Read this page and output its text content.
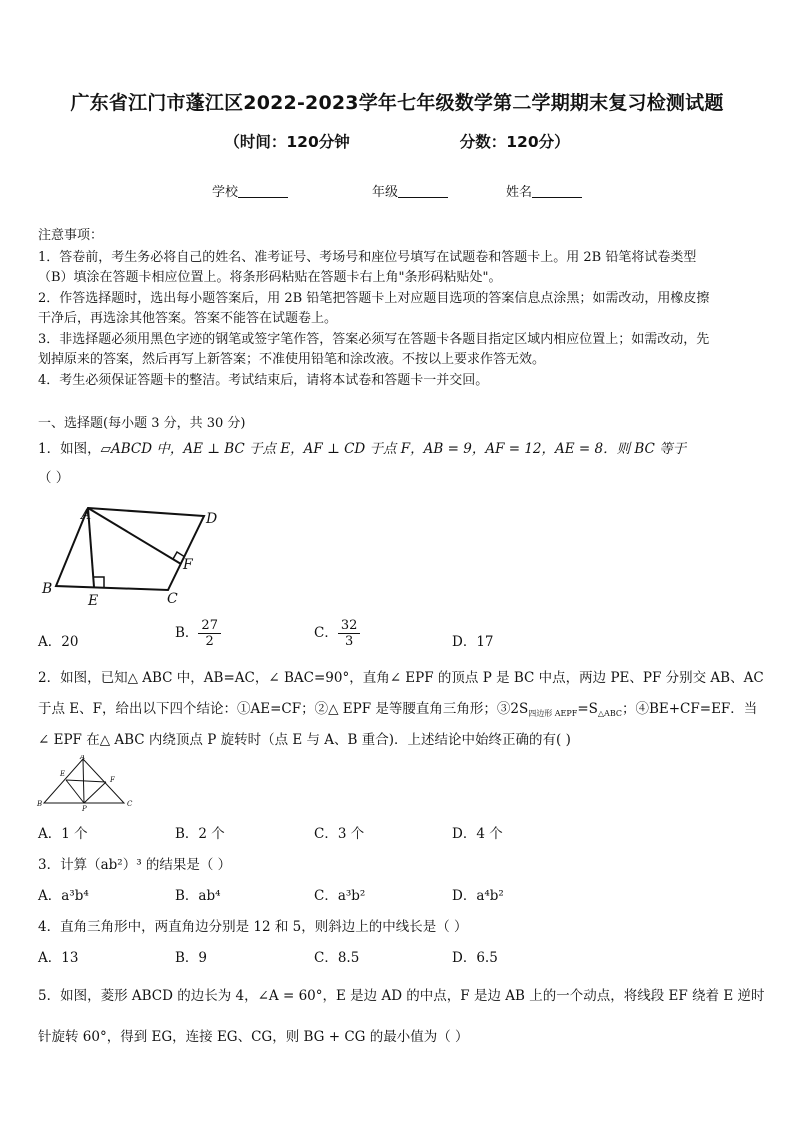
广东省江门市蓬江区2022-2023学年七年级数学第二学期期末复习检测试题
（时间：120分钟	分数：120分）
学校	年级	姓名
注意事项：
1．答卷前，考生务必将自己的姓名、准考证号、考场号和座位号填写在试题卷和答题卡上。用 2B 铅笔将试卷类型
（B）填涂在答题卡相应位置上。将条形码粘贴在答题卡右上角"条形码粘贴处"。
2．作答选择题时，选出每小题答案后，用 2B 铅笔把答题卡上对应题目选项的答案信息点涂黑；如需改动，用橡皮擦
干净后，再选涂其他答案。答案不能答在试题卷上。
3．非选择题必须用黑色字迹的钢笔或签字笔作答，答案必须写在答题卡各题目指定区域内相应位置上；如需改动，先
划掉原来的答案，然后再写上新答案；不准使用铅笔和涂改液。不按以上要求作答无效。
4．考生必须保证答题卡的整洁。考试结束后，请将本试卷和答题卡一并交回。
一、选择题(每小题 3 分，共 30 分)
1．如图，▱ABCD 中，AE ⊥ BC 于点 E，AF ⊥ CD 于点 F，AB = 9，AF = 12，AE = 8．则 BC 等于
（ ）
A	D
F
B
E	C
A．20
B． $\frac{27}{2}$	C． $\frac{32}{3}$	D．17
2．如图，已知△ ABC 中，AB=AC，∠ BAC=90°，直角∠ EPF 的顶点 P 是 BC 中点，两边 PE、PF 分别交 AB、AC
于点 E、F，给出以下四个结论：①AE=CF；②△ EPF 是等腰直角三角形；$③2S_{四边形 AEPF}=S_{\triangle ABC}$；④BE+CF=EF．当
∠ EPF 在△ ABC 内绕顶点 P 旋转时（点 E 与 A、B 重合)．上述结论中始终正确的有( )
A
E
F
B
P
C
A．1 个	B．2 个	C．3 个	D．4 个
3．计算（ab²）³ 的结果是（ ）
A．a³b⁴	B．ab⁴	C．a³b²	D．a⁴b²
4．直角三角形中，两直角边分别是 12 和 5，则斜边上的中线长是（ ）
A．13	B．9	C．8.5	D．6.5
5．如图，菱形 ABCD 的边长为 4，∠A = 60°，E 是边 AD 的中点，F 是边 AB 上的一个动点，将线段 EF 绕着 E 逆时
针旋转 60°，得到 EG，连接 EG、CG，则 BG + CG 的最小值为（ ）
